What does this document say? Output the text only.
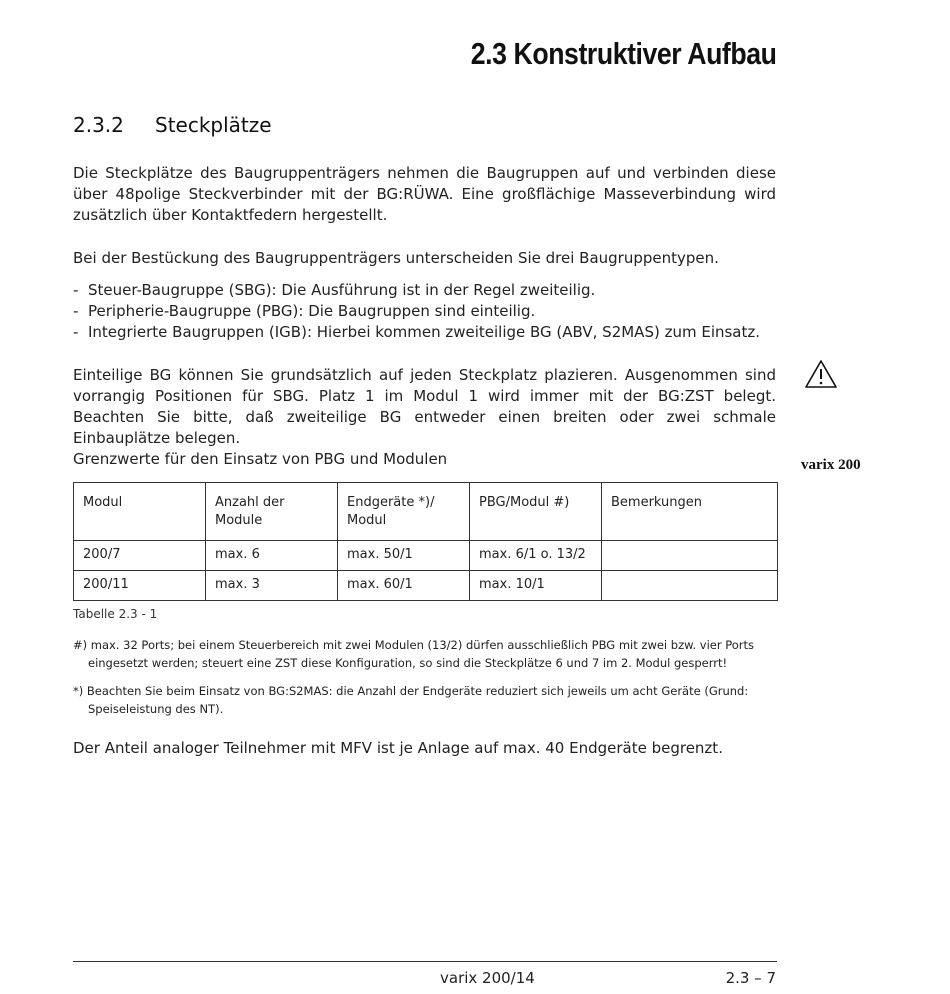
2.3 Konstruktiver Aufbau
2.3.2 Steckplätze

Die Steckplätze des Baugruppenträgers nehmen die Baugruppen auf und verbinden diese über 48polige Steckverbinder mit der BG:RÜWA. Eine großflächige Masseverbindung wird zusätzlich über Kontaktfedern hergestellt.

Bei der Bestückung des Baugruppenträgers unterscheiden Sie drei Baugruppentypen.

- Steuer-Baugruppe (SBG): Die Ausführung ist in der Regel zweiteilig.
- Peripherie-Baugruppe (PBG): Die Baugruppen sind einteilig.
- Integrierte Baugruppen (IGB): Hierbei kommen zweiteilige BG (ABV, S2MAS) zum Einsatz.

Einteilige BG können Sie grundsätzlich auf jeden Steckplatz plazieren. Ausgenommen sind vorrangig Positionen für SBG. Platz 1 im Modul 1 wird immer mit der BG:ZST belegt. Beachten Sie bitte, daß zweiteilige BG entweder einen breiten oder zwei schmale Einbauplätze belegen.

varix 200
Grenzwerte für den Einsatz von PBG und Modulen
Modul	Anzahl der Module	Endgeräte *)/ Modul	PBG/Modul #)	Bemerkungen
200/7	max. 6	max. 50/1	max. 6/1 o. 13/2	
200/11	max. 3	max. 60/1	max. 10/1	
Tabelle 2.3 - 1

#) max. 32 Ports; bei einem Steuerbereich mit zwei Modulen (13/2) dürfen ausschließlich PBG mit zwei bzw. vier Ports eingesetzt werden; steuert eine ZST diese Konfiguration, so sind die Steckplätze 6 und 7 im 2. Modul gesperrt!

*) Beachten Sie beim Einsatz von BG:S2MAS: die Anzahl der Endgeräte reduziert sich jeweils um acht Geräte (Grund: Speiseleistung des NT).

Der Anteil analoger Teilnehmer mit MFV ist je Anlage auf max. 40 Endgeräte begrenzt.

varix 200/14	2.3 – 7
